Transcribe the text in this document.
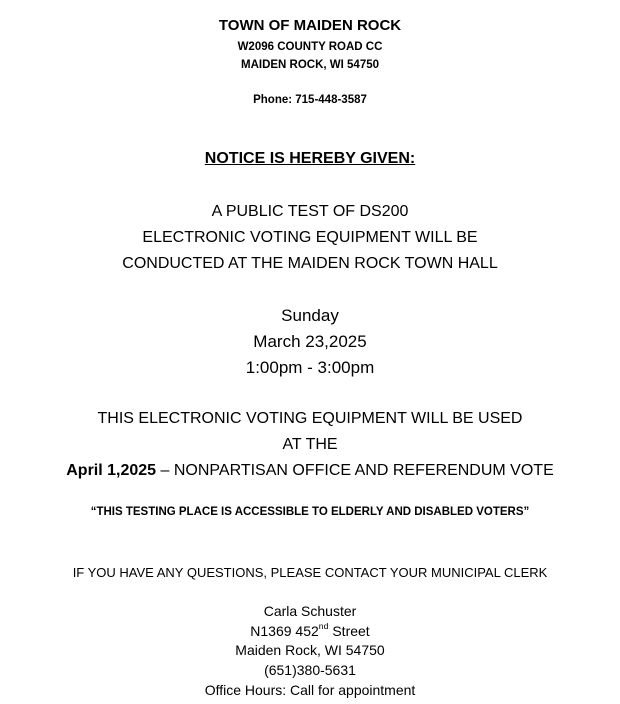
TOWN OF MAIDEN ROCK
W2096 COUNTY ROAD CC
MAIDEN ROCK, WI 54750
Phone: 715-448-3587
NOTICE IS HEREBY GIVEN:
A PUBLIC TEST OF DS200
ELECTRONIC VOTING EQUIPMENT WILL BE
CONDUCTED AT THE MAIDEN ROCK TOWN HALL
Sunday
March 23,2025
1:00pm - 3:00pm
THIS ELECTRONIC VOTING EQUIPMENT WILL BE USED
AT THE
April 1,2025 – NONPARTISAN OFFICE AND REFERENDUM VOTE
“THIS TESTING PLACE IS ACCESSIBLE TO ELDERLY AND DISABLED VOTERS”
IF YOU HAVE ANY QUESTIONS, PLEASE CONTACT YOUR MUNICIPAL CLERK
Carla Schuster
N1369 452nd Street
Maiden Rock, WI 54750
(651)380-5631
Office Hours: Call for appointment
